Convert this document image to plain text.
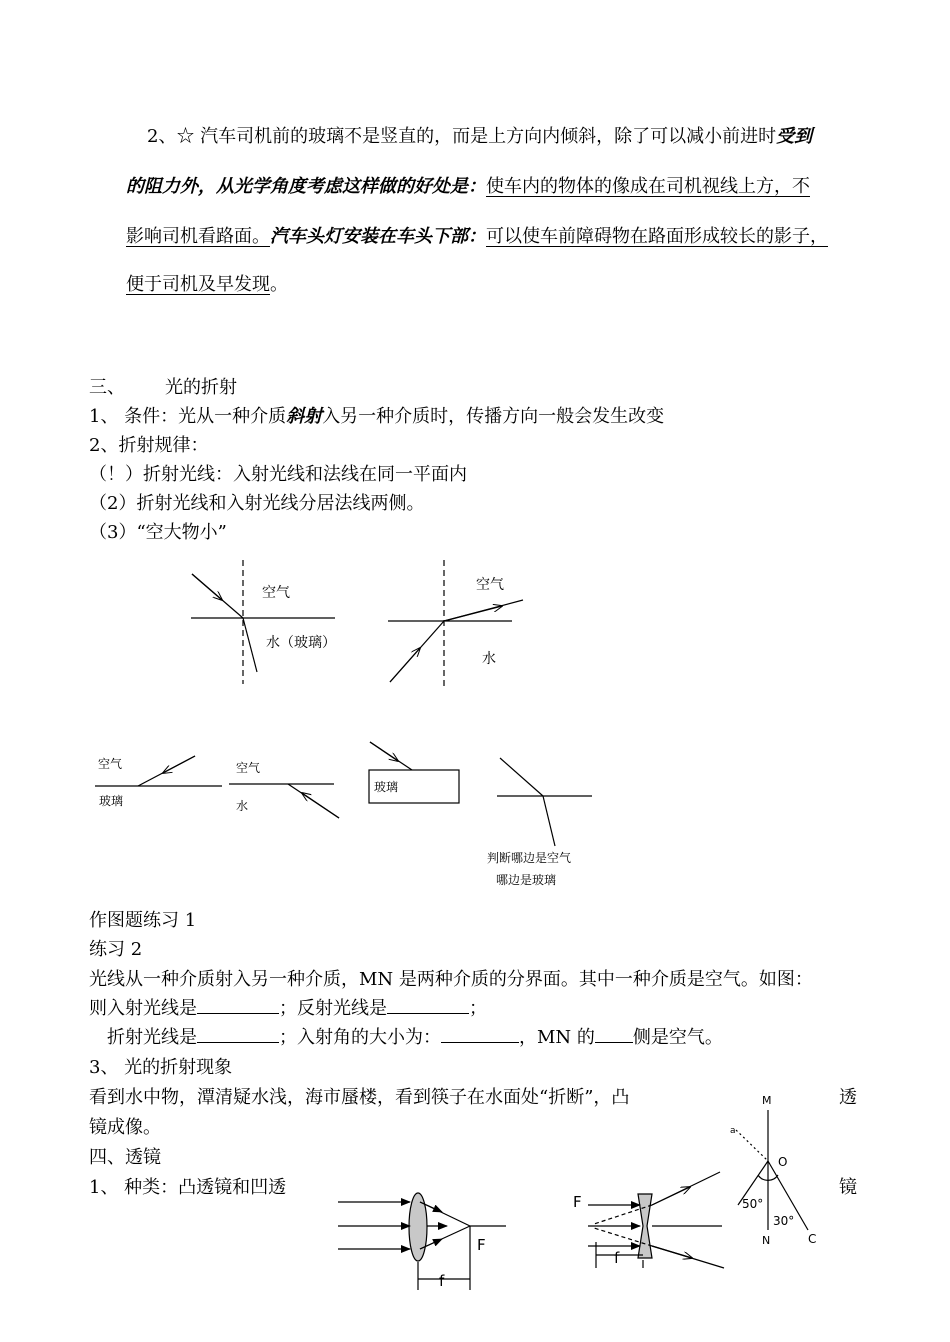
2、☆ 汽车司机前的玻璃不是竖直的，而是上方向内倾斜，除了可以减小前进时受到
的阻力外，从光学角度考虑这样做的好处是：使车内的物体的像成在司机视线上方，不
影响司机看路面。汽车头灯安装在车头下部：可以使车前障碍物在路面形成较长的影子，
便于司机及早发现。
三、 光的折射
1、 条件：光从一种介质斜射入另一种介质时，传播方向一般会发生改变
2、折射规律：
（！）折射光线：入射光线和法线在同一平面内
（2）折射光线和入射光线分居法线两侧。
（3）“空大物小”
作图题练习 1
练习 2
光线从一种介质射入另一种介质，MN 是两种介质的分界面。其中一种介质是空气。如图：
则入射光线是	；反射光线是	；
折射光线是	；入射角的大小为：	，MN 的 侧是空气。
3、 光的折射现象
看到水中物，潭清疑水浅，海市蜃楼，看到筷子在水面处“折断”，凸	透
镜成像。
四、透镜
1、 种类：凸透镜和凹透	镜
空气
水（玻璃）
空气
水
空气
玻璃
空气
水
玻璃
判断哪边是空气
哪边是玻璃
F
f
F
f
M
N
O
a
C
50°
30°
